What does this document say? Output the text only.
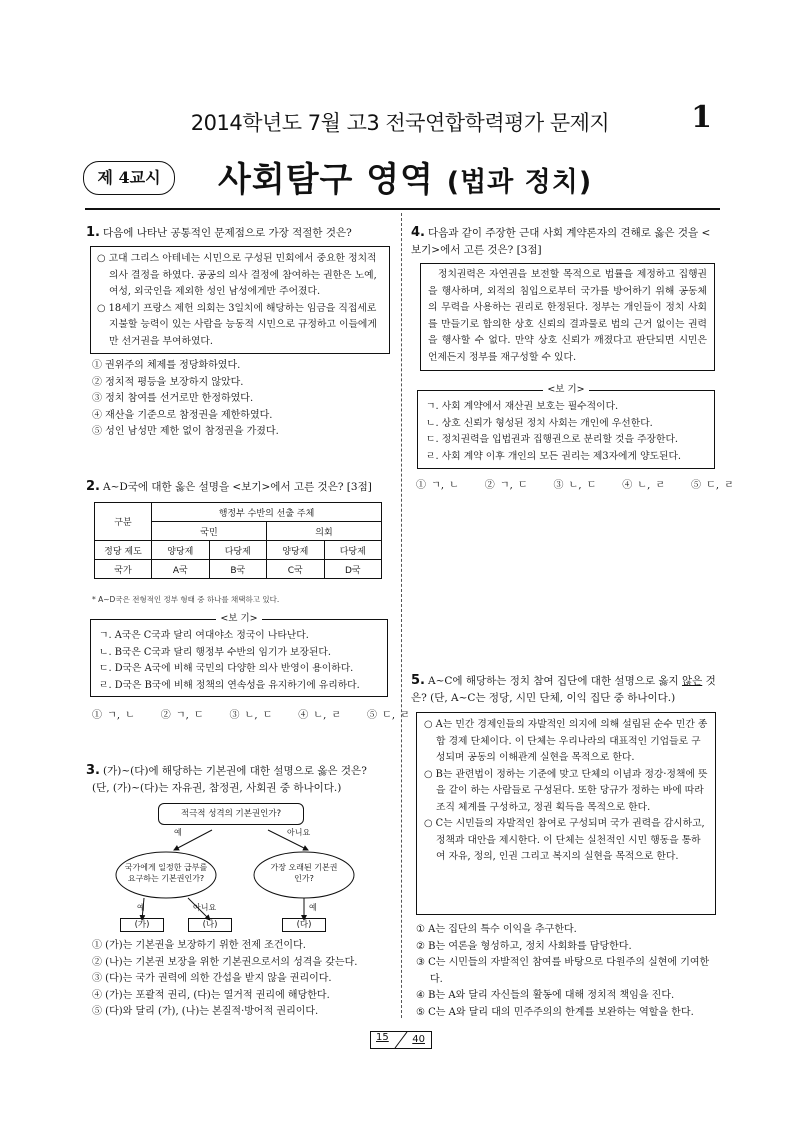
2014학년도 7월 고3 전국연합학력평가 문제지	1
제 4교시	사회탐구 영역 (법과 정치)
1. 다음에 나타난 공통적인 문제점으로 가장 적절한 것은?
○ 고대 그리스 아테네는 시민으로 구성된 민회에서 중요한 정치적 의사 결정을 하였다. 공공의 의사 결정에 참여하는 권한은 노예, 여성, 외국인을 제외한 성인 남성에게만 주어졌다.
○ 18세기 프랑스 제헌 의회는 3일치에 해당하는 임금을 직접세로 지불할 능력이 있는 사람을 능동적 시민으로 규정하고 이들에게만 선거권을 부여하였다.
① 권위주의 체제를 정당화하였다.
② 정치적 평등을 보장하지 않았다.
③ 정치 참여를 선거로만 한정하였다.
④ 재산을 기준으로 참정권을 제한하였다.
⑤ 성인 남성만 제한 없이 참정권을 가졌다.
2. A~D국에 대한 옳은 설명을 <보기>에서 고른 것은? [3점]
구분	행정부 수반의 선출 주체			
	국민		의회	
정당 제도	양당제	다당제	양당제	다당제
국가	A국	B국	C국	D국
* A~D국은 전형적인 정부 형태 중 하나를 채택하고 있다.
<보 기>
ㄱ. A국은 C국과 달리 여대야소 정국이 나타난다.
ㄴ. B국은 C국과 달리 행정부 수반의 임기가 보장된다.
ㄷ. D국은 A국에 비해 국민의 다양한 의사 반영이 용이하다.
ㄹ. D국은 B국에 비해 정책의 연속성을 유지하기에 유리하다.
① ㄱ, ㄴ     ② ㄱ, ㄷ     ③ ㄴ, ㄷ     ④ ㄴ, ㄹ     ⑤ ㄷ, ㄹ
3. (가)~(다)에 해당하는 기본권에 대한 설명으로 옳은 것은?
(단, (가)~(다)는 자유권, 참정권, 사회권 중 하나이다.)
적극적 성격의 기본권인가?
예	아니요
국가에게 일정한 급부를 요구하는 기본권인가?
가장 오래된 기본권인가?
예	아니요	예
(가)	(나)	(다)
① (가)는 기본권을 보장하기 위한 전제 조건이다.
② (나)는 기본권 보장을 위한 기본권으로서의 성격을 갖는다.
③ (다)는 국가 권력에 의한 간섭을 받지 않을 권리이다.
④ (가)는 포괄적 권리, (다)는 열거적 권리에 해당한다.
⑤ (다)와 달리 (가), (나)는 본질적·방어적 권리이다.
4. 다음과 같이 주장한 근대 사회 계약론자의 견해로 옳은 것을 <보기>에서 고른 것은? [3점]
정치권력은 자연권을 보전할 목적으로 법률을 제정하고 집행권을 행사하며, 외적의 침입으로부터 국가를 방어하기 위해 공동체의 무력을 사용하는 권리로 한정된다. 정부는 개인들이 정치 사회를 만들기로 합의한 상호 신뢰의 결과물로 법의 근거 없이는 권력을 행사할 수 없다. 만약 상호 신뢰가 깨졌다고 판단되면 시민은 언제든지 정부를 재구성할 수 있다.
<보 기>
ㄱ. 사회 계약에서 재산권 보호는 필수적이다.
ㄴ. 상호 신뢰가 형성된 정치 사회는 개인에 우선한다.
ㄷ. 정치권력을 입법권과 집행권으로 분리할 것을 주장한다.
ㄹ. 사회 계약 이후 개인의 모든 권리는 제3자에게 양도된다.
① ㄱ, ㄴ     ② ㄱ, ㄷ     ③ ㄴ, ㄷ     ④ ㄴ, ㄹ     ⑤ ㄷ, ㄹ
5. A~C에 해당하는 정치 참여 집단에 대한 설명으로 옳지 않은 것은? (단, A~C는 정당, 시민 단체, 이익 집단 중 하나이다.)
○ A는 민간 경제인들의 자발적인 의지에 의해 설립된 순수 민간 종합 경제 단체이다. 이 단체는 우리나라의 대표적인 기업들로 구성되며 공동의 이해관계 실현을 목적으로 한다.
○ B는 관련법이 정하는 기준에 맞고 단체의 이념과 정강·정책에 뜻을 같이 하는 사람들로 구성된다. 또한 당규가 정하는 바에 따라 조직 체계를 구성하고, 정권 획득을 목적으로 한다.
○ C는 시민들의 자발적인 참여로 구성되며 국가 권력을 감시하고, 정책과 대안을 제시한다. 이 단체는 실천적인 시민 행동을 통하여 자유, 정의, 인권 그리고 복지의 실현을 목적으로 한다.
① A는 집단의 특수 이익을 추구한다.
② B는 여론을 형성하고, 정치 사회화를 담당한다.
③ C는 시민들의 자발적인 참여를 바탕으로 다원주의 실현에 기여한다.
④ B는 A와 달리 자신들의 활동에 대해 정치적 책임을 진다.
⑤ C는 A와 달리 대의 민주주의의 한계를 보완하는 역할을 한다.
15 40
